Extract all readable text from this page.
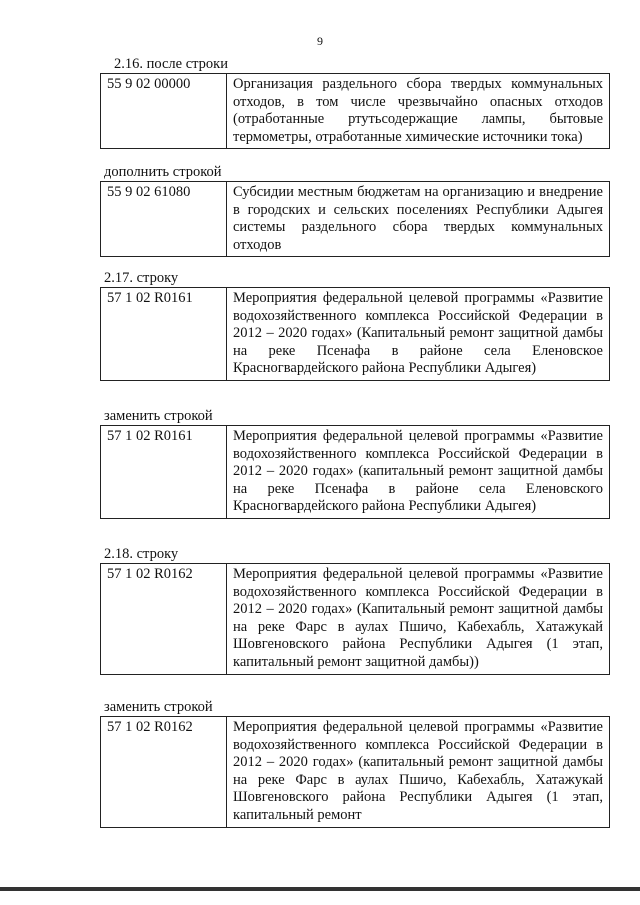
9
2.16. после строки
55 9 02 00000	Организация раздельного сбора твердых коммунальных отходов, в том числе чрезвычайно опасных отходов (отработанные ртутьсодержащие лампы, бытовые термометры, отработанные химические источники тока)
дополнить строкой
55 9 02 61080	Субсидии местным бюджетам на организацию и внедрение в городских и сельских поселениях Республики Адыгея системы раздельного сбора твердых коммунальных отходов
2.17. строку
57 1 02 R0161	Мероприятия федеральной целевой программы «Развитие водохозяйственного комплекса Российской Федерации в 2012 – 2020 годах» (Капитальный ремонт защитной дамбы на реке Псенафа в районе села Еленовское Красногвардейского района Республики Адыгея)
заменить строкой
57 1 02 R0161	Мероприятия федеральной целевой программы «Развитие водохозяйственного комплекса Российской Федерации в 2012 – 2020 годах» (капитальный ремонт защитной дамбы на реке Псенафа в районе села Еленовского Красногвардейского района Республики Адыгея)
2.18. строку
57 1 02 R0162	Мероприятия федеральной целевой программы «Развитие водохозяйственного комплекса Российской Федерации в 2012 – 2020 годах» (Капитальный ремонт защитной дамбы на реке Фарс в аулах Пшичо, Кабехабль, Хатажукай Шовгеновского района Республики Адыгея (1 этап, капитальный ремонт защитной дамбы))
заменить строкой
57 1 02 R0162	Мероприятия федеральной целевой программы «Развитие водохозяйственного комплекса Российской Федерации в 2012 – 2020 годах» (капитальный ремонт защитной дамбы на реке Фарс в аулах Пшичо, Кабехабль, Хатажукай Шовгеновского района Республики Адыгея (1 этап, капитальный ремонт
